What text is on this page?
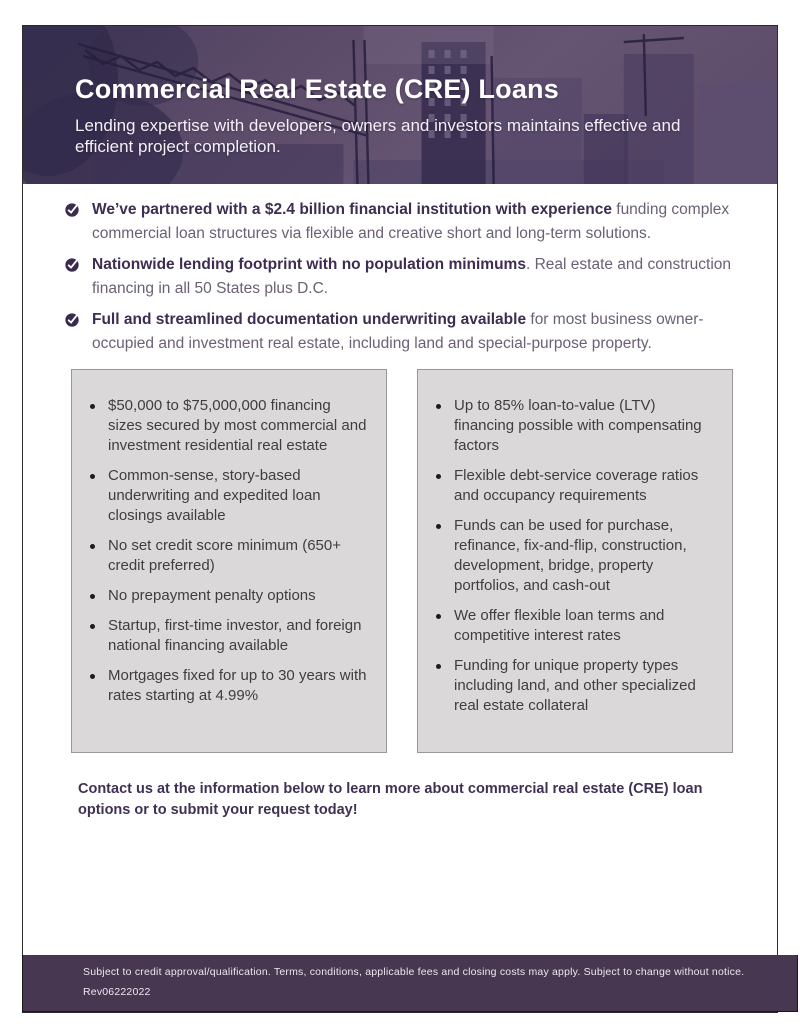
Commercial Real Estate (CRE) Loans
Lending expertise with developers, owners and investors maintains effective and efficient project completion.
We’ve partnered with a $2.4 billion financial institution with experience funding complex commercial loan structures via flexible and creative short and long-term solutions.
Nationwide lending footprint with no population minimums. Real estate and construction financing in all 50 States plus D.C.
Full and streamlined documentation underwriting available for most business owner-occupied and investment real estate, including land and special-purpose property.
$50,000 to $75,000,000 financing sizes secured by most commercial and investment residential real estate
Common-sense, story-based underwriting and expedited loan closings available
No set credit score minimum (650+ credit preferred)
No prepayment penalty options
Startup, first-time investor, and foreign national financing available
Mortgages fixed for up to 30 years with rates starting at 4.99%
Up to 85% loan-to-value (LTV) financing possible with compensating factors
Flexible debt-service coverage ratios and occupancy requirements
Funds can be used for purchase, refinance, fix-and-flip, construction, development, bridge, property portfolios, and cash-out
We offer flexible loan terms and competitive interest rates
Funding for unique property types including land, and other specialized real estate collateral
Contact us at the information below to learn more about commercial real estate (CRE) loan options or to submit your request today!
Subject to credit approval/qualification. Terms, conditions, applicable fees and closing costs may apply. Subject to change without notice.
Rev06222022
